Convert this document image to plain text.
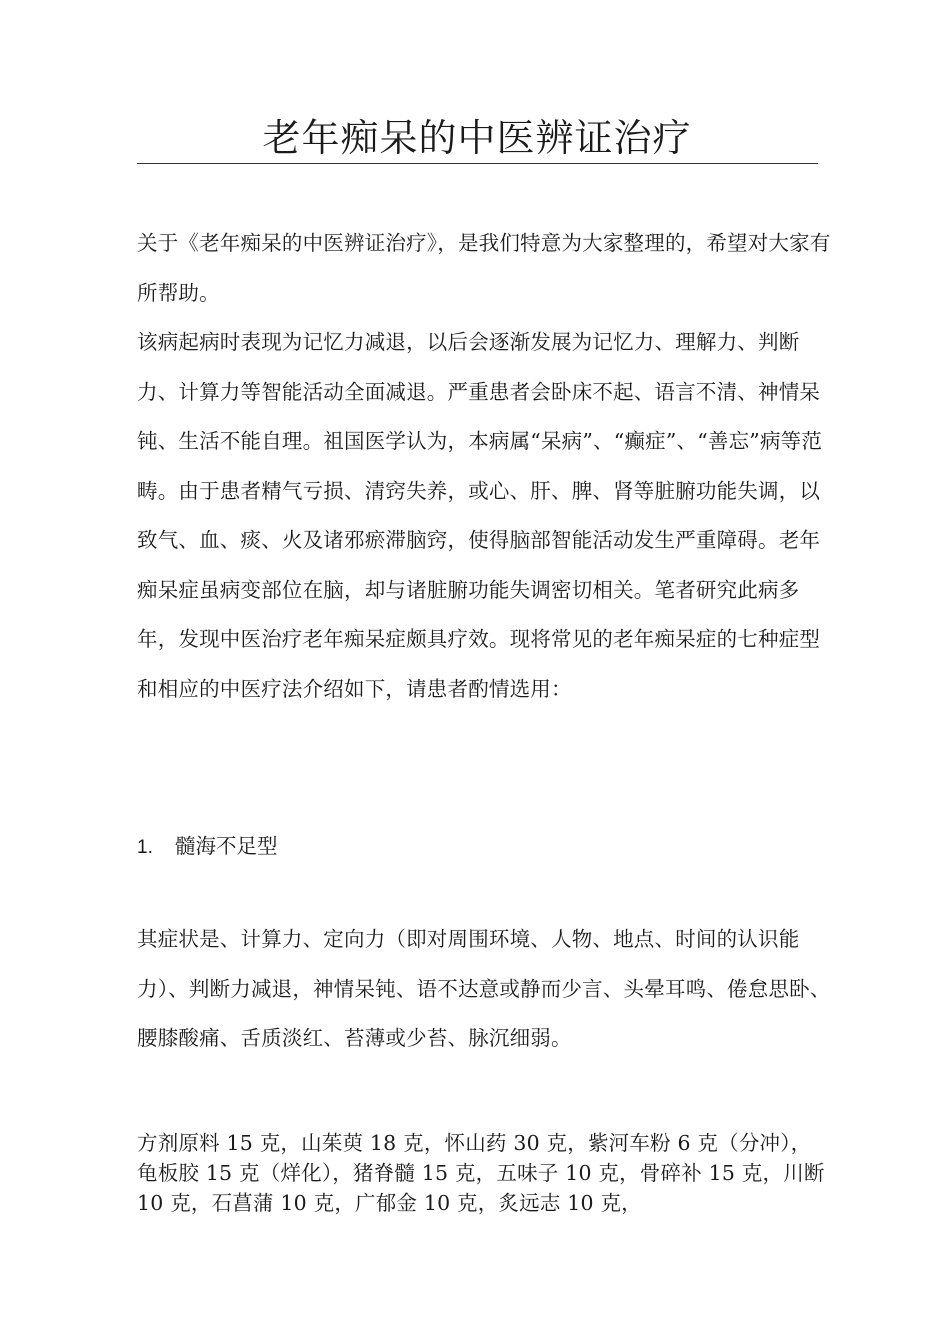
老年痴呆的中医辨证治疗

关于《老年痴呆的中医辨证治疗》，是我们特意为大家整理的，希望对大家有所帮助。

该病起病时表现为记忆力减退，以后会逐渐发展为记忆力、理解力、判断力、计算力等智能活动全面减退。严重患者会卧床不起、语言不清、神情呆钝、生活不能自理。祖国医学认为，本病属“呆病”、“癫症”、“善忘”病等范畴。由于患者精气亏损、清窍失养，或心、肝、脾、肾等脏腑功能失调，以致气、血、痰、火及诸邪瘀滞脑窍，使得脑部智能活动发生严重障碍。老年痴呆症虽病变部位在脑，却与诸脏腑功能失调密切相关。笔者研究此病多年，发现中医治疗老年痴呆症颇具疗效。现将常见的老年痴呆症的七种症型和相应的中医疗法介绍如下，请患者酌情选用：

1. 髓海不足型

其症状是、计算力、定向力（即对周围环境、人物、地点、时间的认识能力）、判断力减退，神情呆钝、语不达意或静而少言、头晕耳鸣、倦怠思卧、腰膝酸痛、舌质淡红、苔薄或少苔、脉沉细弱。

方剂原料 15 克，山茱萸 18 克，怀山药 30 克，紫河车粉 6 克（分冲），龟板胶 15 克（烊化），猪脊髓 15 克，五味子 10 克，骨碎补 15 克，川断 10 克，石菖蒲 10 克，广郁金 10 克，炙远志 10 克，
